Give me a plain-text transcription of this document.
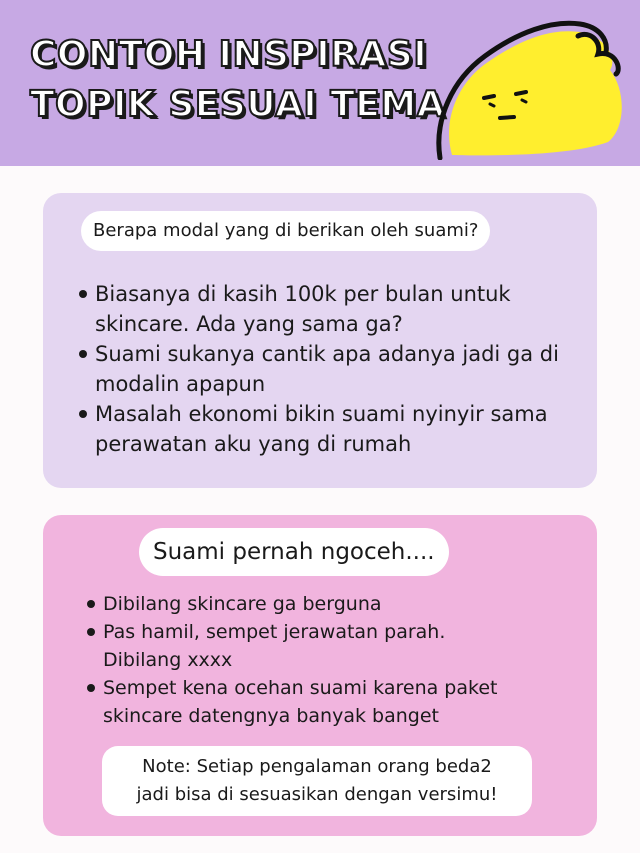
CONTOH INSPIRASI
TOPIK SESUAI TEMA
Berapa modal yang di berikan oleh suami?
Biasanya di kasih 100k per bulan untuk
skincare. Ada yang sama ga?
Suami sukanya cantik apa adanya jadi ga di
modalin apapun
Masalah ekonomi bikin suami nyinyir sama
perawatan aku yang di rumah
Suami pernah ngoceh....
Dibilang skincare ga berguna
Pas hamil, sempet jerawatan parah.
Dibilang xxxx
Sempet kena ocehan suami karena paket
skincare datengnya banyak banget
Note: Setiap pengalaman orang beda2
jadi bisa di sesuasikan dengan versimu!
